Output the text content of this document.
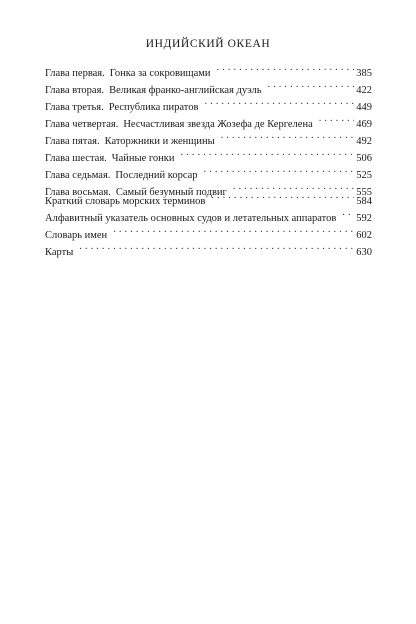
ИНДИЙСКИЙ ОКЕАН
Глава первая. Гонка за сокровищами . . .	385
Глава вторая. Великая франко-английская дуэль . . .	422
Глава третья. Республика пиратов . . .	449
Глава четвертая. Несчастливая звезда Жозефа де Кергелена . . .	469
Глава пятая. Каторжники и женщины . . .	492
Глава шестая. Чайные гонки . . .	506
Глава седьмая. Последний корсар . . .	525
Глава восьмая. Самый безумный подвиг . . .	555
Краткий словарь морских терминов . . .	584
Алфавитный указатель основных судов и летательных аппаратов . . . 592
Словарь имен . . .	602
Карты . . .	630
